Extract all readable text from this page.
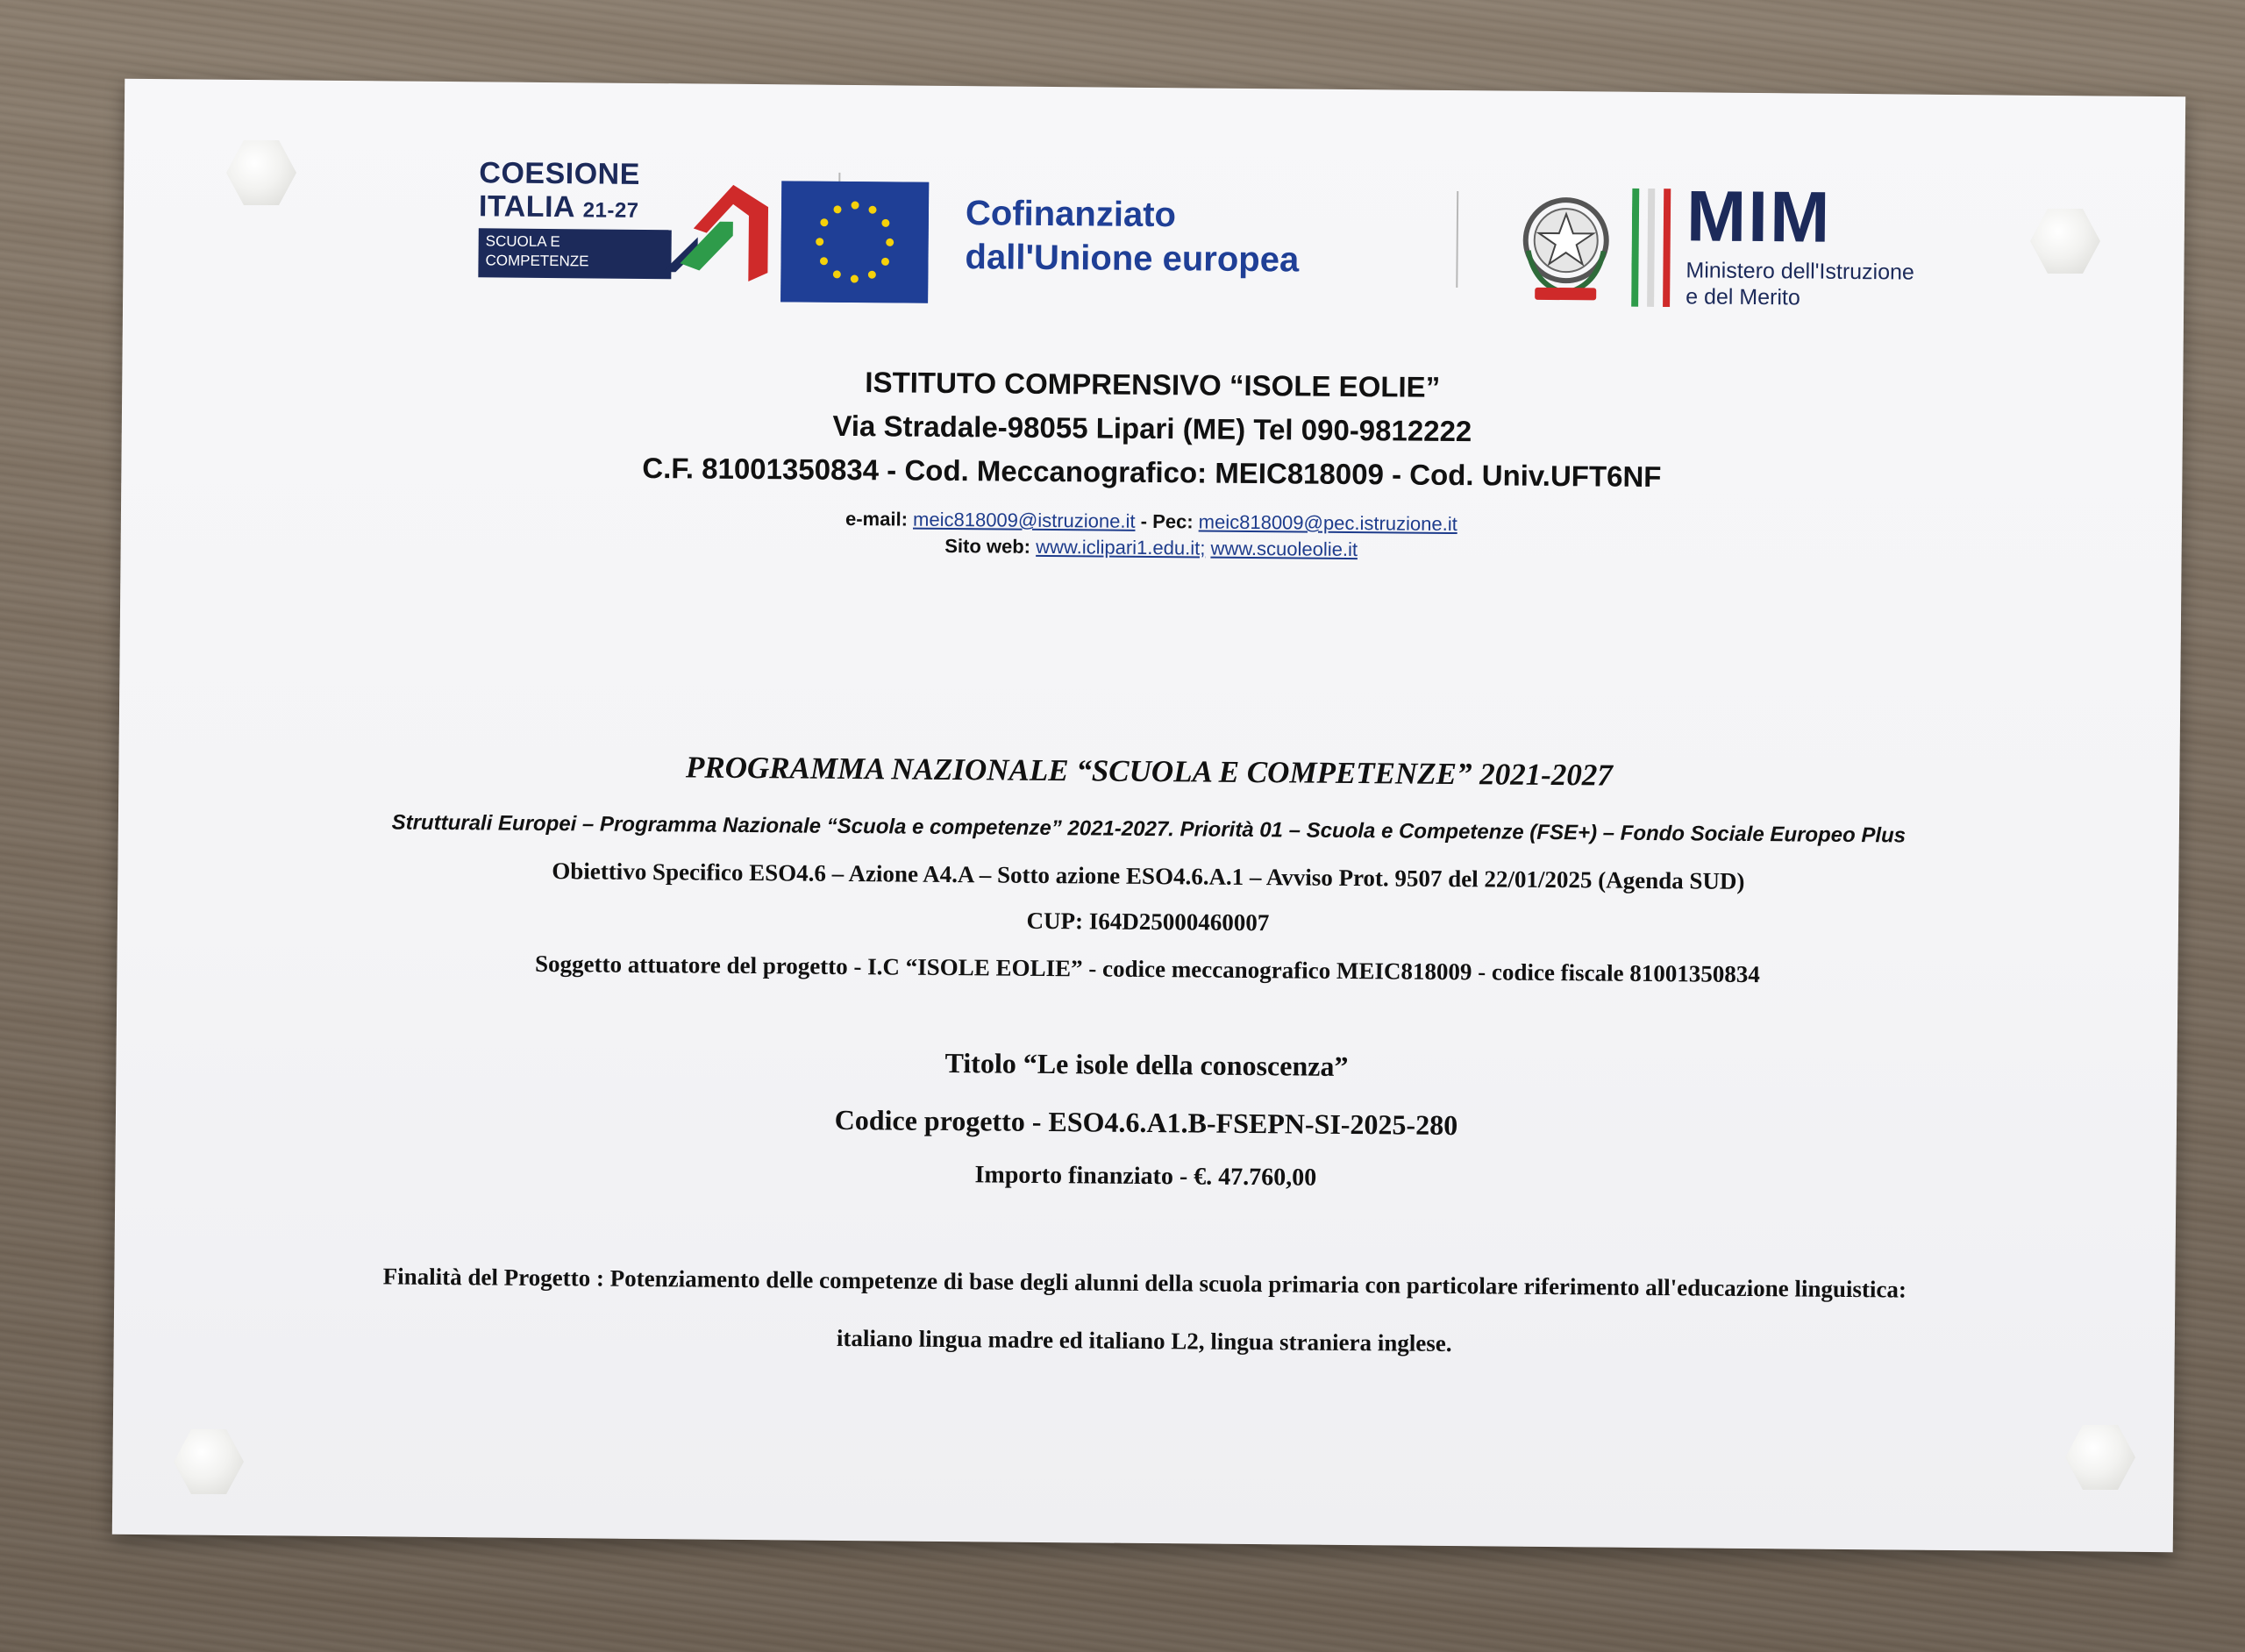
COESIONE
ITALIA 21-27
SCUOLA E
COMPETENZE
Cofinanziato
dall'Unione europea
MIM
Ministero dell'Istruzione
e del Merito
ISTITUTO COMPRENSIVO “ISOLE EOLIE”
Via Stradale-98055 Lipari (ME) Tel 090-9812222
C.F. 81001350834 - Cod. Meccanografico: MEIC818009 - Cod. Univ.UFT6NF
e-mail: meic818009@istruzione.it - Pec: meic818009@pec.istruzione.it
Sito web: www.iclipari1.edu.it; www.scuoleolie.it
PROGRAMMA NAZIONALE “SCUOLA E COMPETENZE” 2021-2027
Strutturali Europei – Programma Nazionale “Scuola e competenze” 2021-2027. Priorità 01 – Scuola e Competenze (FSE+) – Fondo Sociale Europeo Plus
Obiettivo Specifico ESO4.6 – Azione A4.A – Sotto azione ESO4.6.A.1 – Avviso Prot. 9507 del 22/01/2025 (Agenda SUD)
CUP: I64D25000460007
Soggetto attuatore del progetto - I.C “ISOLE EOLIE” - codice meccanografico MEIC818009 - codice fiscale 81001350834
Titolo “Le isole della conoscenza”
Codice progetto - ESO4.6.A1.B-FSEPN-SI-2025-280
Importo finanziato - €. 47.760,00
Finalità del Progetto : Potenziamento delle competenze di base degli alunni della scuola primaria con particolare riferimento all'educazione linguistica:
italiano lingua madre ed italiano L2, lingua straniera inglese.
